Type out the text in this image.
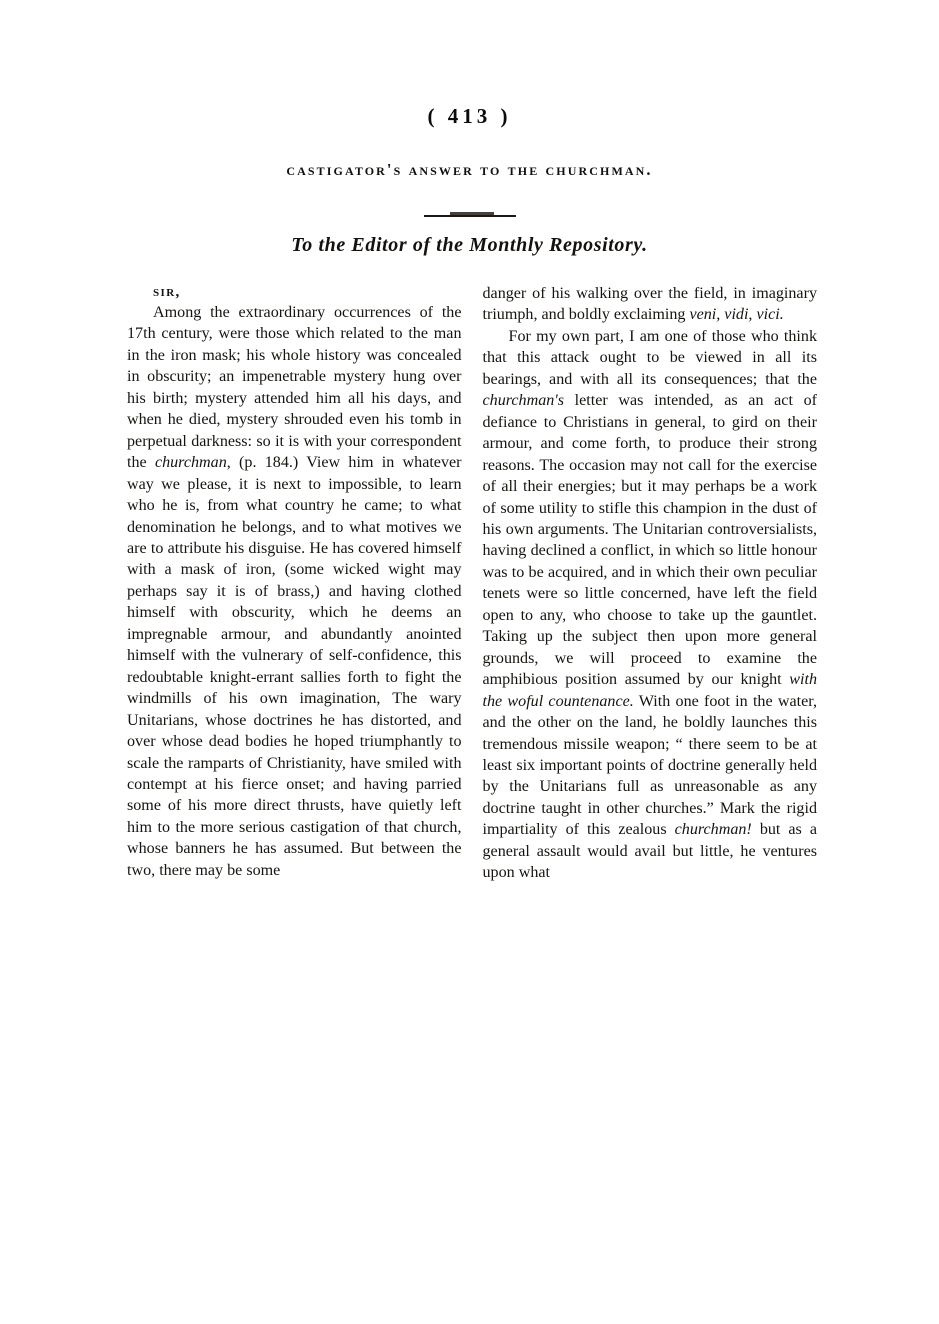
( 413 )
castigator's answer to the churchman.
To the Editor of the Monthly Repository.

sir,
Among the extraordinary occurrences of the 17th century, were those which related to the man in the iron mask; his whole history was concealed in obscurity; an impenetrable mystery hung over his birth; mystery attended him all his days, and when he died, mystery shrouded even his tomb in perpetual darkness: so it is with your correspondent the churchman, (p. 184.) View him in whatever way we please, it is next to impossible, to learn who he is, from what country he came; to what denomination he belongs, and to what motives we are to attribute his disguise. He has covered himself with a mask of iron, (some wicked wight may perhaps say it is of brass,) and having clothed himself with obscurity, which he deems an impregnable armour, and abundantly anointed himself with the vulnerary of self-confidence, this redoubtable knight-errant sallies forth to fight the windmills of his own imagination, The wary Unitarians, whose doctrines he has distorted, and over whose dead bodies he hoped triumphantly to scale the ramparts of Christianity, have smiled with contempt at his fierce onset; and having parried some of his more direct thrusts, have quietly left him to the more serious castigation of that church, whose banners he has assumed. But between the two, there may be some

danger of his walking over the field, in imaginary triumph, and boldly exclaiming veni, vidi, vici.

For my own part, I am one of those who think that this attack ought to be viewed in all its bearings, and with all its consequences; that the churchman's letter was intended, as an act of defiance to Christians in general, to gird on their armour, and come forth, to produce their strong reasons. The occasion may not call for the exercise of all their energies; but it may perhaps be a work of some utility to stifle this champion in the dust of his own arguments. The Unitarian controversialists, having declined a conflict, in which so little honour was to be acquired, and in which their own peculiar tenets were so little concerned, have left the field open to any, who choose to take up the gauntlet. Taking up the subject then upon more general grounds, we will proceed to examine the amphibious position assumed by our knight with the woful countenance. With one foot in the water, and the other on the land, he boldly launches this tremendous missile weapon; “ there seem to be at least six important points of doctrine generally held by the Unitarians full as unreasonable as any doctrine taught in other churches.” Mark the rigid impartiality of this zealous churchman! but as a general assault would avail but little, he ventures upon what
